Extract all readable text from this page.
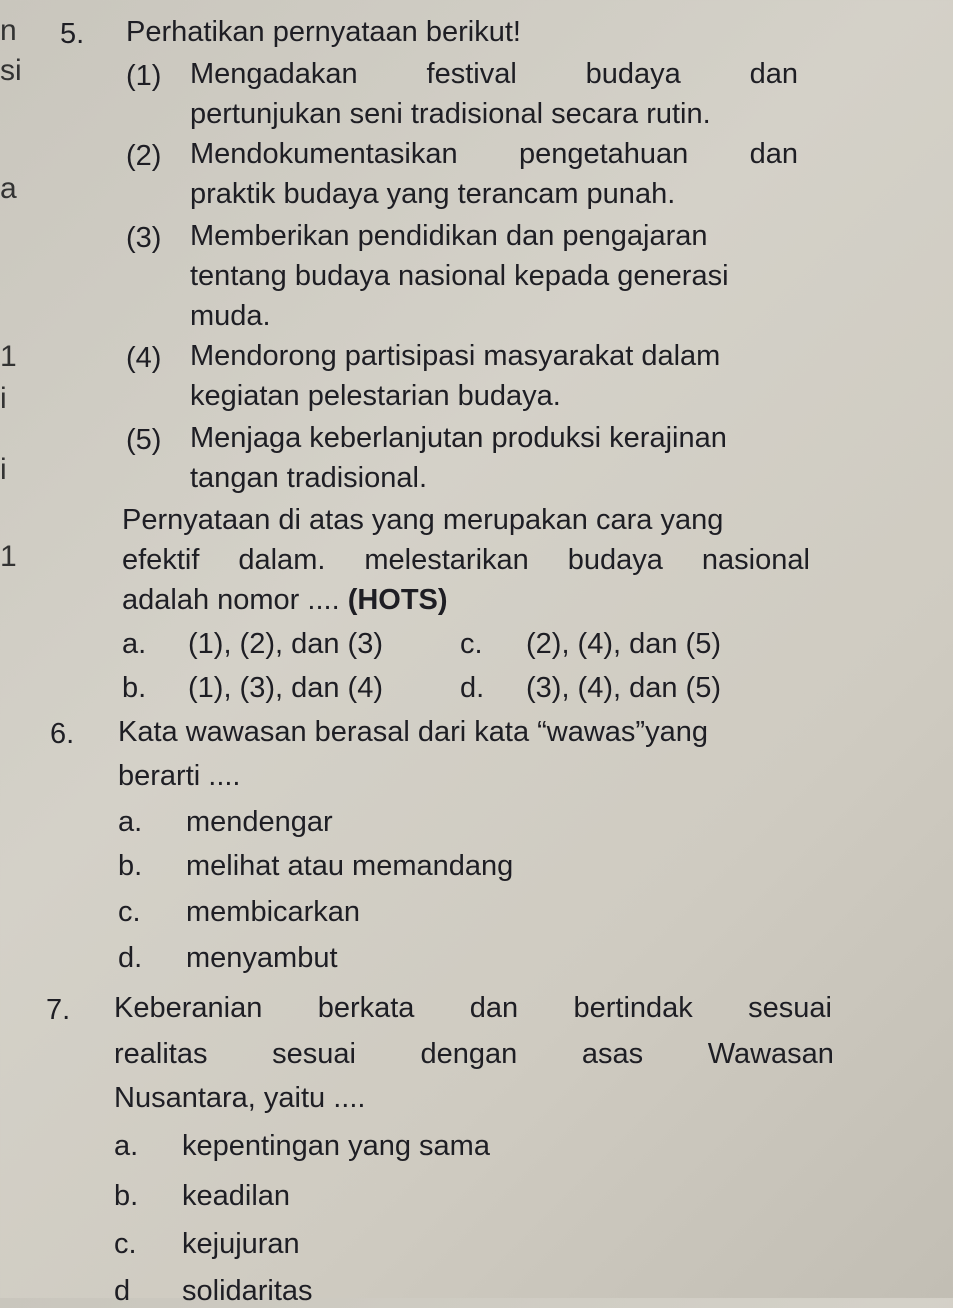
n
si
a
1
i
i
1
5. Perhatikan pernyataan berikut!
(1) Mengadakan festival budaya dan
pertunjukan seni tradisional secara rutin.
(2) Mendokumentasikan pengetahuan dan
praktik budaya yang terancam punah.
(3) Memberikan pendidikan dan pengajaran
tentang budaya nasional kepada generasi
muda.
(4) Mendorong partisipasi masyarakat dalam
kegiatan pelestarian budaya.
(5) Menjaga keberlanjutan produksi kerajinan
tangan tradisional.
Pernyataan di atas yang merupakan cara yang
efektif dalam. melestarikan budaya nasional
adalah nomor .... (HOTS)
a. (1), (2), dan (3)	c. (2), (4), dan (5)
b. (1), (3), dan (4)	d. (3), (4), dan (5)
6. Kata wawasan berasal dari kata “wawas”yang
berarti ....
a. mendengar
b. melihat atau memandang
c. membicarkan
d. menyambut
7. Keberanian berkata dan bertindak sesuai
realitas sesuai dengan asas Wawasan
Nusantara, yaitu ....
a. kepentingan yang sama
b. keadilan
c. kejujuran
d solidaritas
